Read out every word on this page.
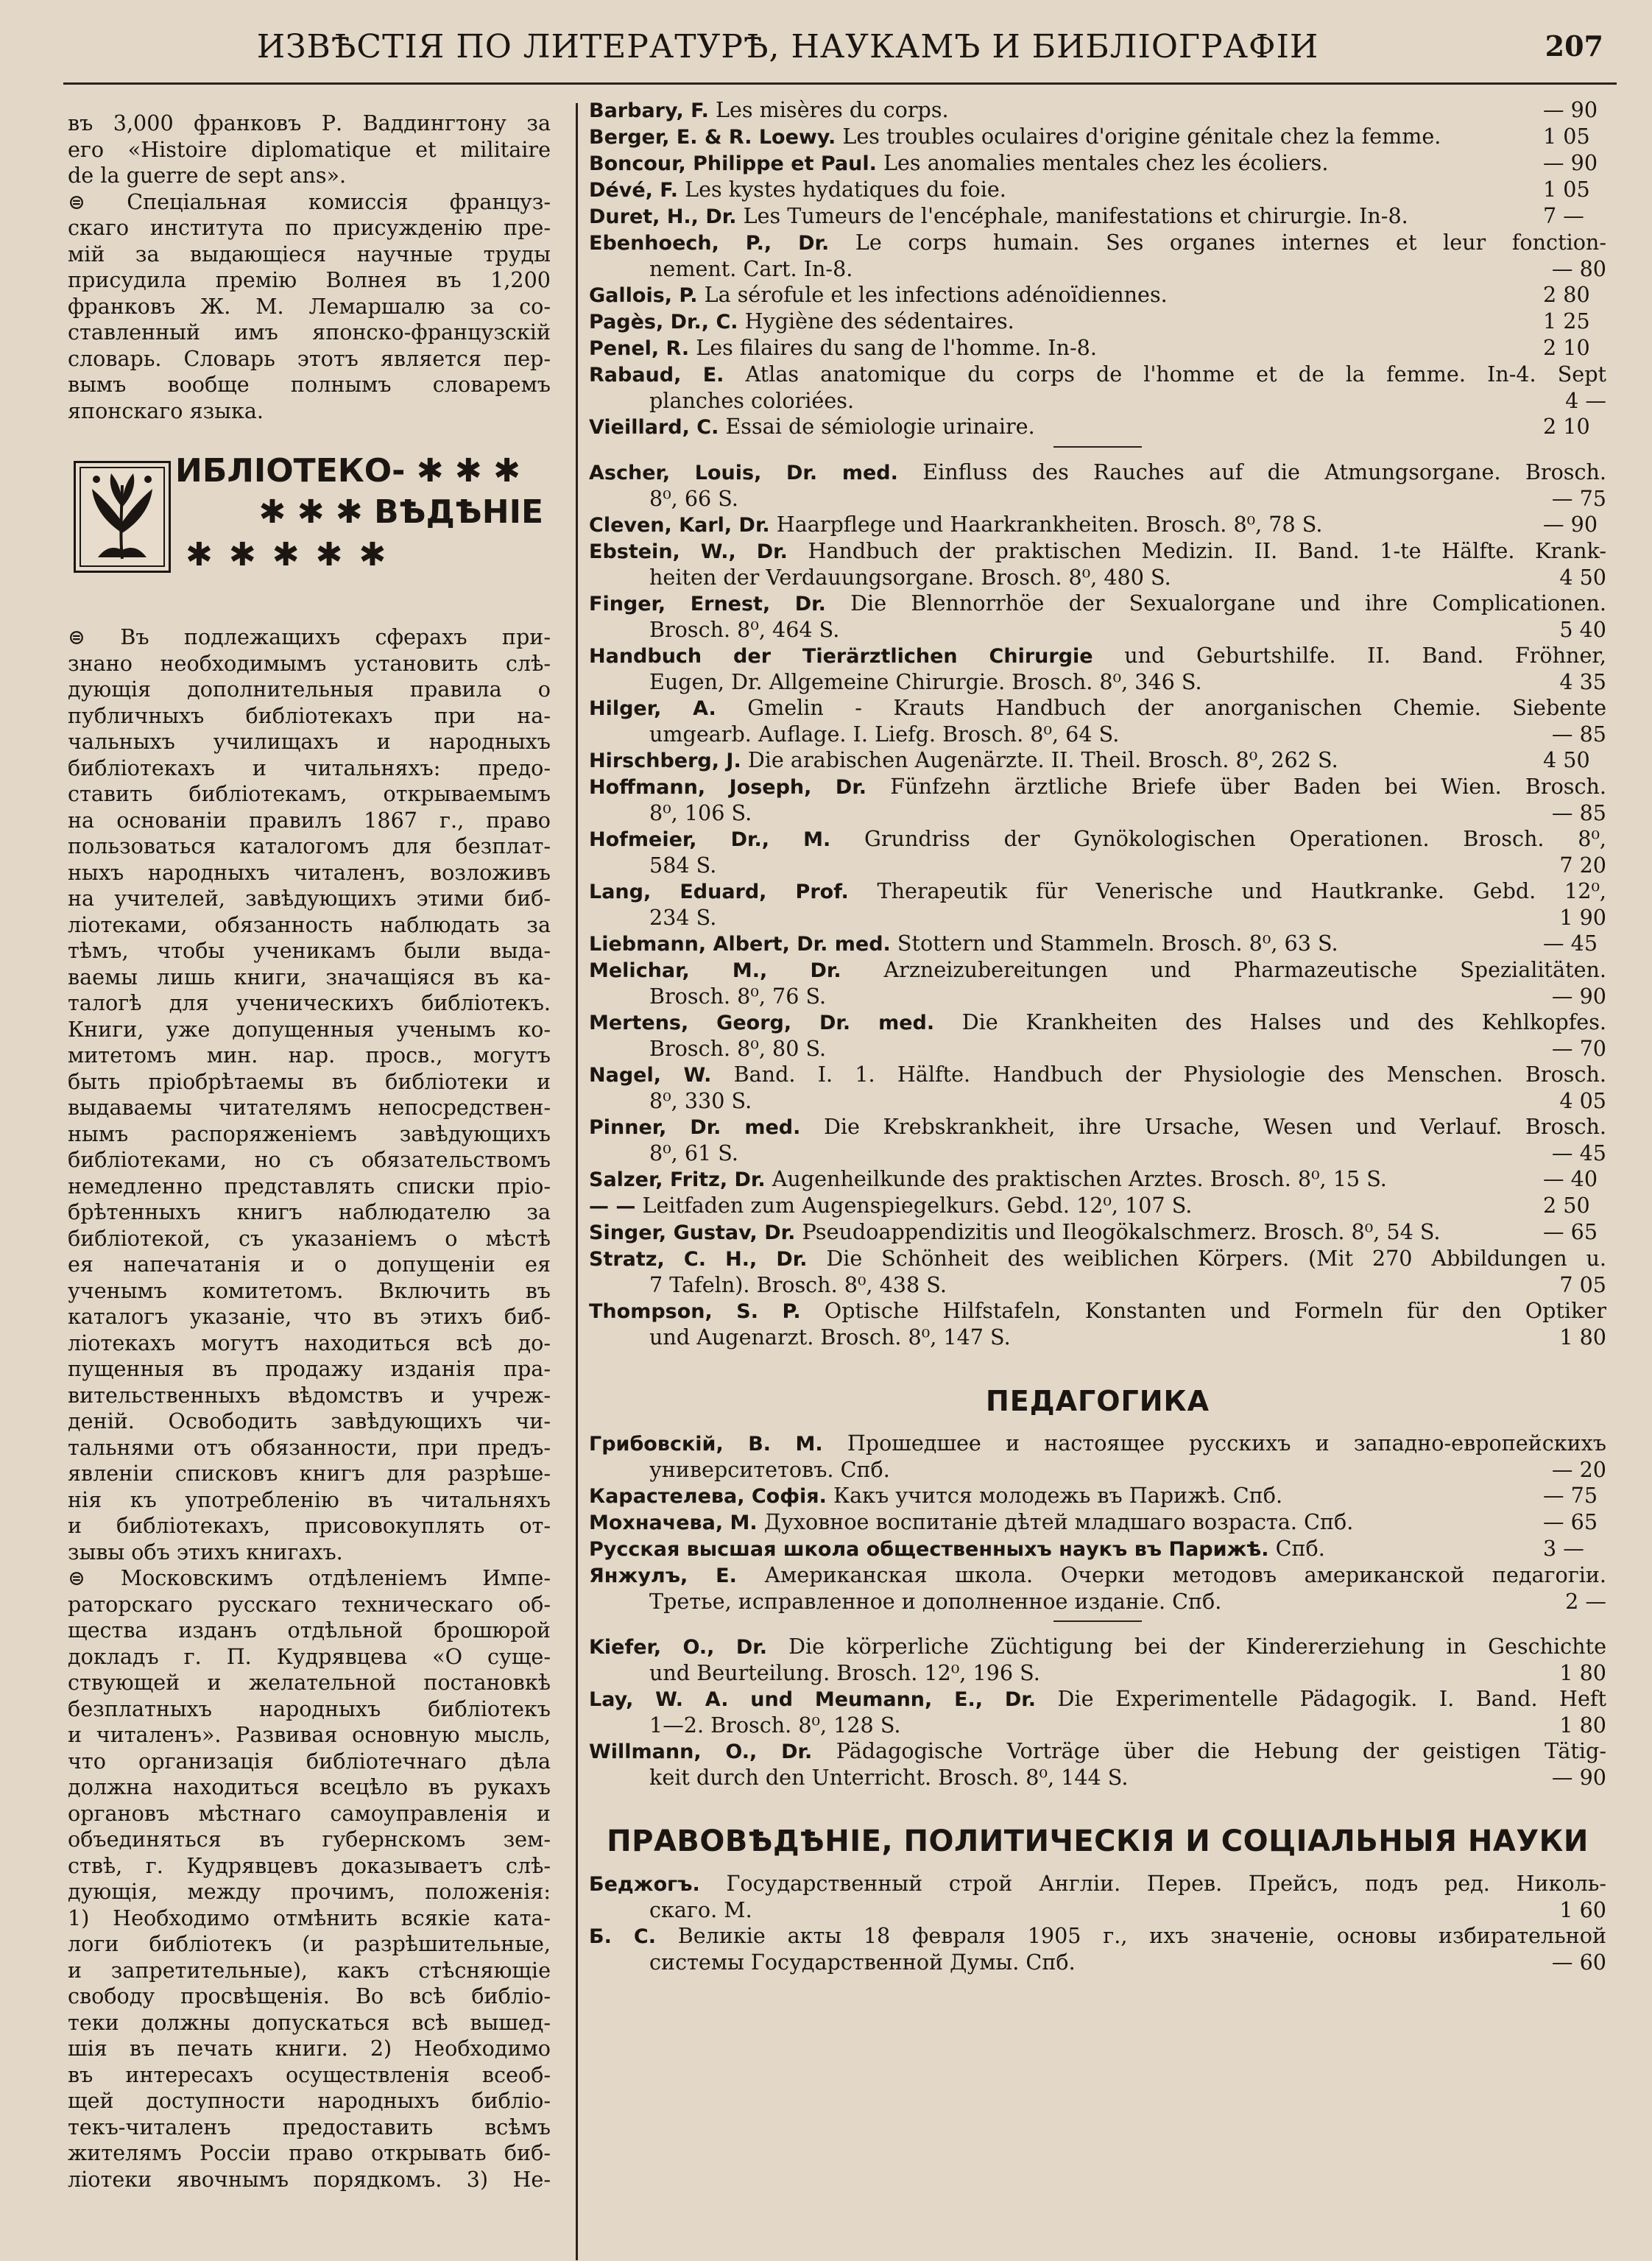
ИЗВѢСТІЯ ПО ЛИТЕРАТУРѢ, НАУКАМЪ И БИБЛІОГРАФІИ	207
въ 3,000 франковъ Р. Ваддингтону за
его «Histoire diplomatique et militaire
de la guerre de sept ans».
⊜ Спеціальная комиссія француз-
скаго института по присужденію пре-
мій за выдающіеся научные труды
присудила премію Волнея въ 1,200
франковъ Ж. М. Лемаршалю за со-
ставленный имъ японско-французскій
словарь. Словарь этотъ является пер-
вымъ вообще полнымъ словаремъ
японскаго языка.
ИБЛІОТЕКО- ✱ ✱ ✱
✱ ✱ ✱ ВѢДѢНІЕ
✱✱✱✱✱
⊜ Въ подлежащихъ сферахъ при-
знано необходимымъ установить слѣ-
дующія дополнительныя правила о
публичныхъ библіотекахъ при на-
чальныхъ училищахъ и народныхъ
библіотекахъ и читальняхъ: предо-
ставить библіотекамъ, открываемымъ
на основаніи правилъ 1867 г., право
пользоваться каталогомъ для безплат-
ныхъ народныхъ читаленъ, возложивъ
на учителей, завѣдующихъ этими биб-
ліотеками, обязанность наблюдать за
тѣмъ, чтобы ученикамъ были выда-
ваемы лишь книги, значащіяся въ ка-
талогѣ для ученическихъ библіотекъ.
Книги, уже допущенныя ученымъ ко-
митетомъ мин. нар. просв., могутъ
быть пріобрѣтаемы въ библіотеки и
выдаваемы читателямъ непосредствен-
нымъ распоряженіемъ завѣдующихъ
библіотеками, но съ обязательствомъ
немедленно представлять списки пріо-
брѣтенныхъ книгъ наблюдателю за
библіотекой, съ указаніемъ о мѣстѣ
ея напечатанія и о допущеніи ея
ученымъ комитетомъ. Включить въ
каталогъ указаніе, что въ этихъ биб-
ліотекахъ могутъ находиться всѣ до-
пущенныя въ продажу изданія пра-
вительственныхъ вѣдомствъ и учреж-
деній. Освободить завѣдующихъ чи-
тальнями отъ обязанности, при предъ-
явленіи списковъ книгъ для разрѣше-
нія къ употребленію въ читальняхъ
и библіотекахъ, присовокуплять от-
зывы объ этихъ книгахъ.
⊜ Московскимъ отдѣленіемъ Импе-
раторскаго русскаго техническаго об-
щества изданъ отдѣльной брошюрой
докладъ г. П. Кудрявцева «О суще-
ствующей и желательной постановкѣ
безплатныхъ народныхъ библіотекъ
и читаленъ». Развивая основную мысль,
что организація библіотечнаго дѣла
должна находиться всецѣло въ рукахъ
органовъ мѣстнаго самоуправленія и
объединяться въ губернскомъ зем-
ствѣ, г. Кудрявцевъ доказываетъ слѣ-
дующія, между прочимъ, положенія:
1) Необходимо отмѣнить всякіе ката-
логи библіотекъ (и разрѣшительные,
и запретительные), какъ стѣсняющіе
свободу просвѣщенія. Во всѣ библіо-
теки должны допускаться всѣ вышед-
шія въ печать книги. 2) Необходимо
въ интересахъ осуществленія всеоб-
щей доступности народныхъ библіо-
текъ-читаленъ предоставить всѣмъ
жителямъ Россіи право открывать биб-
ліотеки явочнымъ порядкомъ. 3) Не-
Barbary, F. Les misères du corps.	— 90
Berger, E. & R. Loewy. Les troubles oculaires d'origine génitale chez la femme.	1 05
Boncour, Philippe et Paul. Les anomalies mentales chez les écoliers.	— 90
Dévé, F. Les kystes hydatiques du foie.	1 05
Duret, H., Dr. Les Tumeurs de l'encéphale, manifestations et chirurgie. In-8.	7 —
Ebenhoech, P., Dr. Le corps humain. Ses organes internes et leur fonction-
nement. Cart. In-8.	— 80
Gallois, P. La sérofule et les infections adénoïdiennes.	2 80
Pagès, Dr., C. Hygiène des sédentaires.	1 25
Penel, R. Les filaires du sang de l'homme. In-8.	2 10
Rabaud, E. Atlas anatomique du corps de l'homme et de la femme. In-4. Sept
planches coloriées.	4 —
Vieillard, C. Essai de sémiologie urinaire.	2 10
Ascher, Louis, Dr. med. Einfluss des Rauches auf die Atmungsorgane. Brosch.
8⁰, 66 S.	— 75
Cleven, Karl, Dr. Haarpflege und Haarkrankheiten. Brosch. 8⁰, 78 S.	— 90
Ebstein, W., Dr. Handbuch der praktischen Medizin. II. Band. 1-te Hälfte. Krank-
heiten der Verdauungsorgane. Brosch. 8⁰, 480 S.	4 50
Finger, Ernest, Dr. Die Blennorrhöe der Sexualorgane und ihre Complicationen.
Brosch. 8⁰, 464 S.	5 40
Handbuch der Tierärztlichen Chirurgie und Geburtshilfe. II. Band. Fröhner,
Eugen, Dr. Allgemeine Chirurgie. Brosch. 8⁰, 346 S.	4 35
Hilger, A. Gmelin - Krauts Handbuch der anorganischen Chemie. Siebente
umgearb. Auflage. I. Liefg. Brosch. 8⁰, 64 S.	— 85
Hirschberg, J. Die arabischen Augenärzte. II. Theil. Brosch. 8⁰, 262 S.	4 50
Hoffmann, Joseph, Dr. Fünfzehn ärztliche Briefe über Baden bei Wien. Brosch.
8⁰, 106 S.	— 85
Hofmeier, Dr., M. Grundriss der Gynökologischen Operationen. Brosch. 8⁰,
584 S.	7 20
Lang, Eduard, Prof. Therapeutik für Venerische und Hautkranke. Gebd. 12⁰,
234 S.	1 90
Liebmann, Albert, Dr. med. Stottern und Stammeln. Brosch. 8⁰, 63 S.	— 45
Melichar, M., Dr. Arzneizubereitungen und Pharmazeutische Spezialitäten.
Brosch. 8⁰, 76 S.	— 90
Mertens, Georg, Dr. med. Die Krankheiten des Halses und des Kehlkopfes.
Brosch. 8⁰, 80 S.	— 70
Nagel, W. Band. I. 1. Hälfte. Handbuch der Physiologie des Menschen. Brosch.
8⁰, 330 S.	4 05
Pinner, Dr. med. Die Krebskrankheit, ihre Ursache, Wesen und Verlauf. Brosch.
8⁰, 61 S.	— 45
Salzer, Fritz, Dr. Augenheilkunde des praktischen Arztes. Brosch. 8⁰, 15 S.	— 40
— — Leitfaden zum Augenspiegelkurs. Gebd. 12⁰, 107 S.	2 50
Singer, Gustav, Dr. Pseudoappendizitis und Ileogökalschmerz. Brosch. 8⁰, 54 S.	— 65
Stratz, C. H., Dr. Die Schönheit des weiblichen Körpers. (Mit 270 Abbildungen u.
7 Tafeln). Brosch. 8⁰, 438 S.	7 05
Thompson, S. P. Optische Hilfstafeln, Konstanten und Formeln für den Optiker
und Augenarzt. Brosch. 8⁰, 147 S.	1 80
ПЕДАГОГИКА
Грибовскій, В. М. Прошедшее и настоящее русскихъ и западно-европейскихъ
университетовъ. Спб.	— 20
Карастелева, Софія. Какъ учится молодежь въ Парижѣ. Спб.	— 75
Мохначева, М. Духовное воспитаніе дѣтей младшаго возраста. Спб.	— 65
Русская высшая школа общественныхъ наукъ въ Парижѣ. Спб.	3 —
Янжулъ, Е. Американская школа. Очерки методовъ американской педагогіи.
Третье, исправленное и дополненное изданіе. Спб.	2 —
Kiefer, O., Dr. Die körperliche Züchtigung bei der Kindererziehung in Geschichte
und Beurteilung. Brosch. 12⁰, 196 S.	1 80
Lay, W. A. und Meumann, E., Dr. Die Experimentelle Pädagogik. I. Band. Heft
1—2. Brosch. 8⁰, 128 S.	1 80
Willmann, O., Dr. Pädagogische Vorträge über die Hebung der geistigen Tätig-
keit durch den Unterricht. Brosch. 8⁰, 144 S.	— 90
ПРАВОВѢДѢНІЕ, ПОЛИТИЧЕСКІЯ И СОЦІАЛЬНЫЯ НАУКИ
Беджогъ. Государственный строй Англіи. Перев. Прейсъ, подъ ред. Николь-
скаго. М.	1 60
Б. С. Великіе акты 18 февраля 1905 г., ихъ значеніе, основы избирательной
системы Государственной Думы. Спб.	— 60
